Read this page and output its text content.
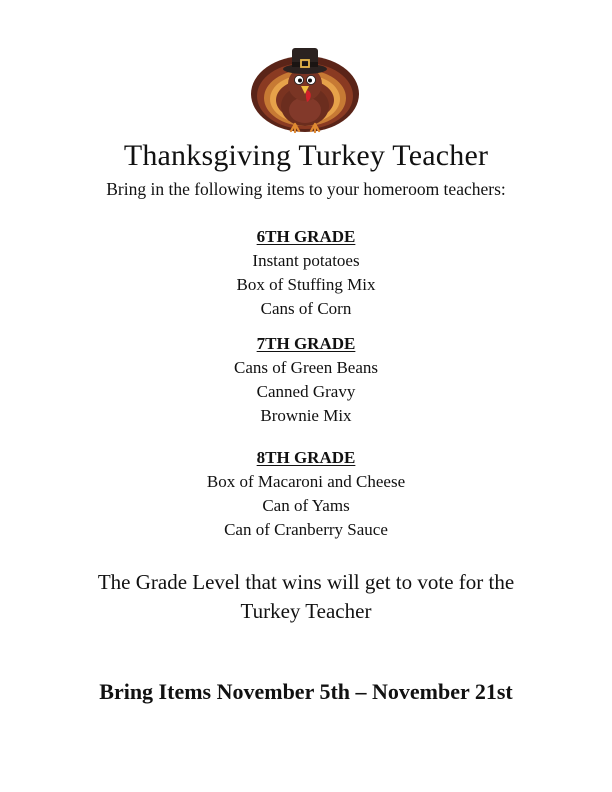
Thanksgiving Turkey Teacher
Bring in the following items to your homeroom teachers:
6TH GRADE
Instant potatoes
Box of Stuffing Mix
Cans of Corn
7TH GRADE
Cans of Green Beans
Canned Gravy
Brownie Mix
8TH GRADE
Box of Macaroni and Cheese
Can of Yams
Can of Cranberry Sauce
The Grade Level that wins will get to vote for the
Turkey Teacher
Bring Items November 5th – November 21st
